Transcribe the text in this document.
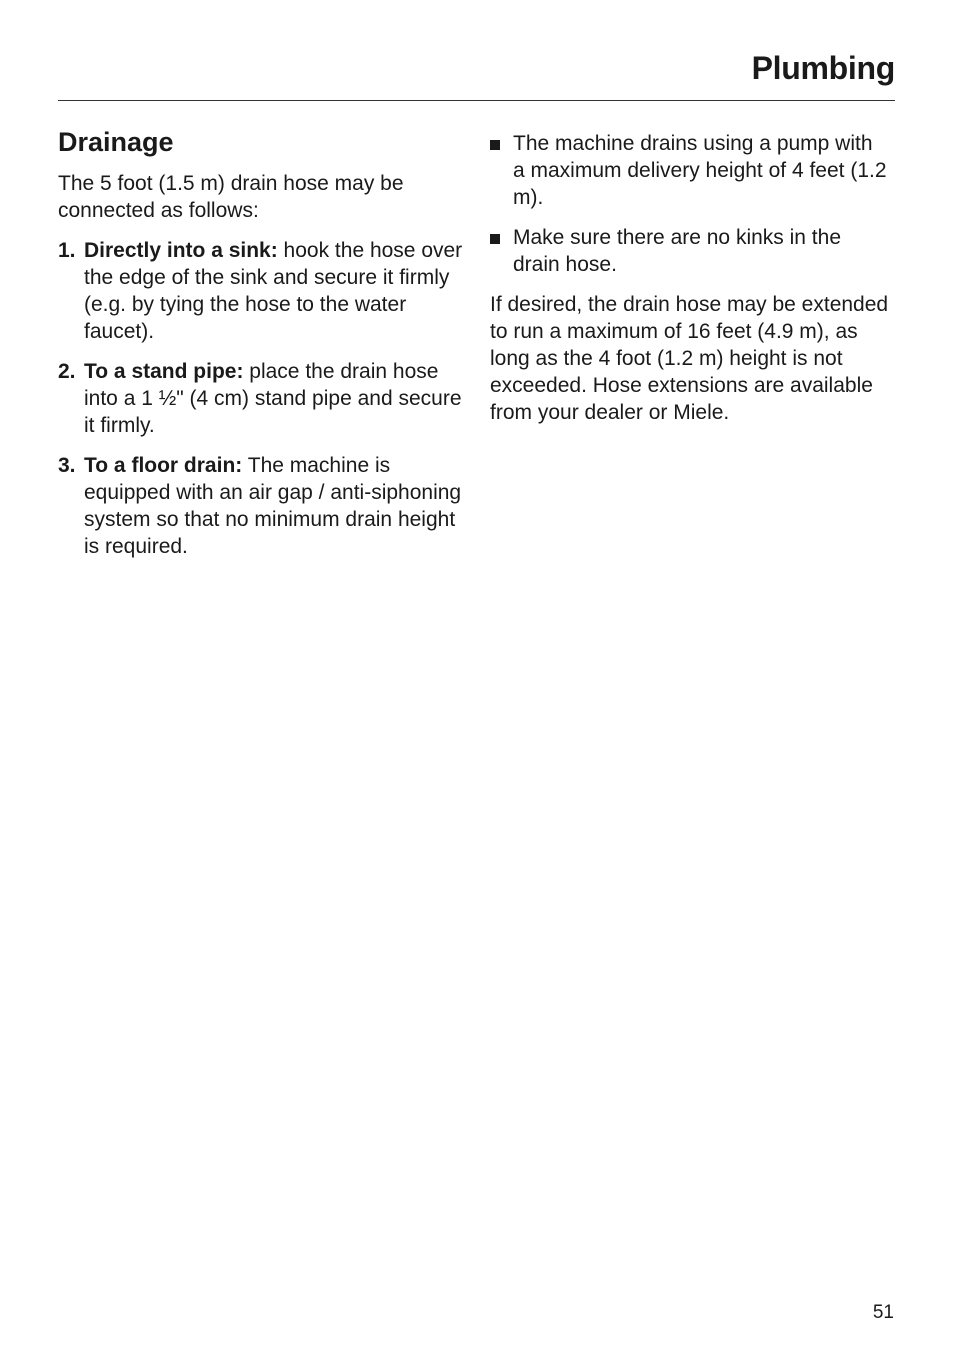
Plumbing
Drainage

The 5 foot (1.5 m) drain hose may be connected as follows:

1. Directly into a sink: hook the hose over the edge of the sink and secure it firmly (e.g. by tying the hose to the water faucet).
2. To a stand pipe: place the drain hose into a 1 ½" (4 cm) stand pipe and secure it firmly.
3. To a floor drain: The machine is equipped with an air gap / anti-siphoning system so that no minimum drain height is required.
The machine drains using a pump with a maximum delivery height of 4 feet (1.2 m).
Make sure there are no kinks in the drain hose.

If desired, the drain hose may be extended to run a maximum of 16 feet (4.9 m), as long as the 4 foot (1.2 m) height is not exceeded. Hose extensions are available from your dealer or Miele.

51
